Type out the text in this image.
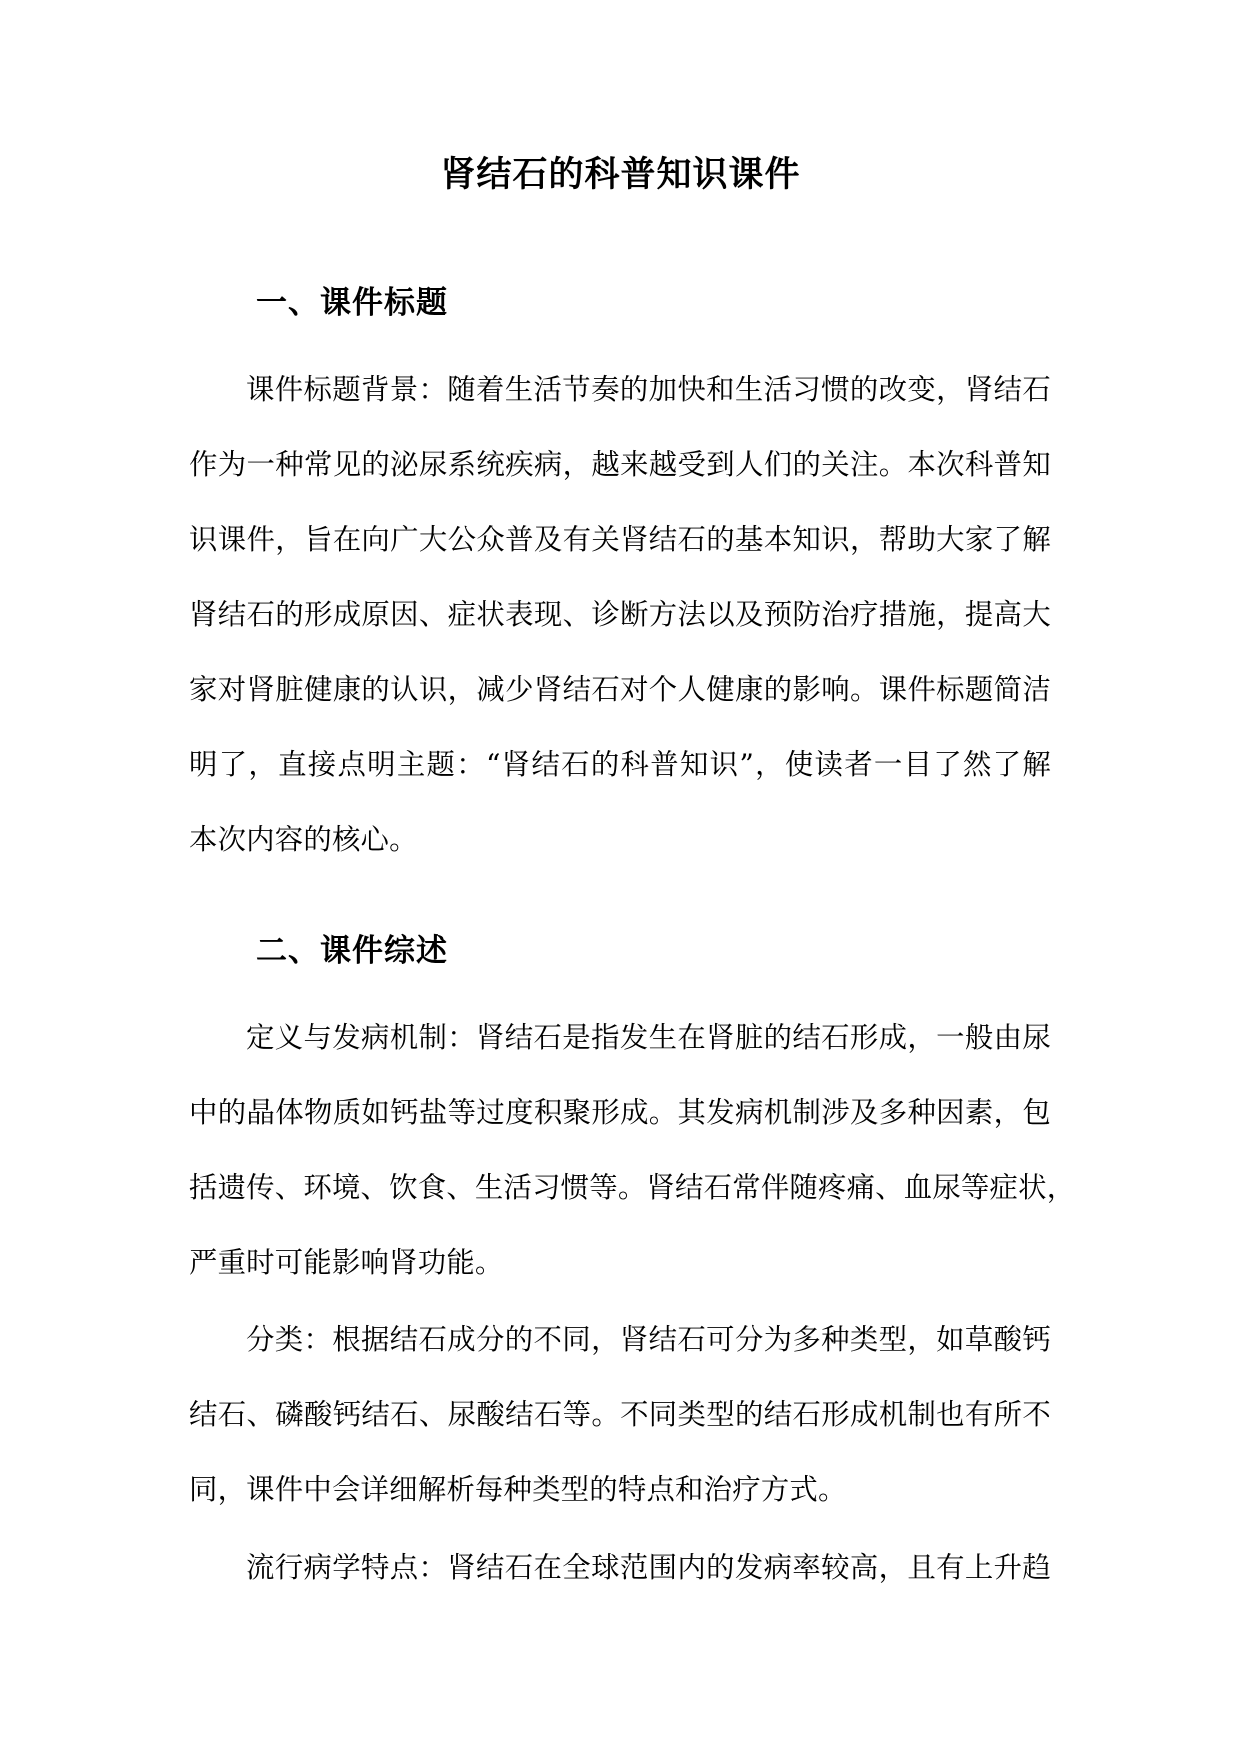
肾结石的科普知识课件
一、课件标题

课件标题背景：随着生活节奏的加快和生活习惯的改变，肾结石
作为一种常见的泌尿系统疾病，越来越受到人们的关注。本次科普知
识课件，旨在向广大公众普及有关肾结石的基本知识，帮助大家了解
肾结石的形成原因、症状表现、诊断方法以及预防治疗措施，提高大
家对肾脏健康的认识，减少肾结石对个人健康的影响。课件标题简洁
明了，直接点明主题：“肾结石的科普知识”，使读者一目了然了解
本次内容的核心。

二、课件综述

定义与发病机制：肾结石是指发生在肾脏的结石形成，一般由尿
中的晶体物质如钙盐等过度积聚形成。其发病机制涉及多种因素，包
括遗传、环境、饮食、生活习惯等。肾结石常伴随疼痛、血尿等症状，
严重时可能影响肾功能。

分类：根据结石成分的不同，肾结石可分为多种类型，如草酸钙
结石、磷酸钙结石、尿酸结石等。不同类型的结石形成机制也有所不
同，课件中会详细解析每种类型的特点和治疗方式。

流行病学特点：肾结石在全球范围内的发病率较高，且有上升趋
